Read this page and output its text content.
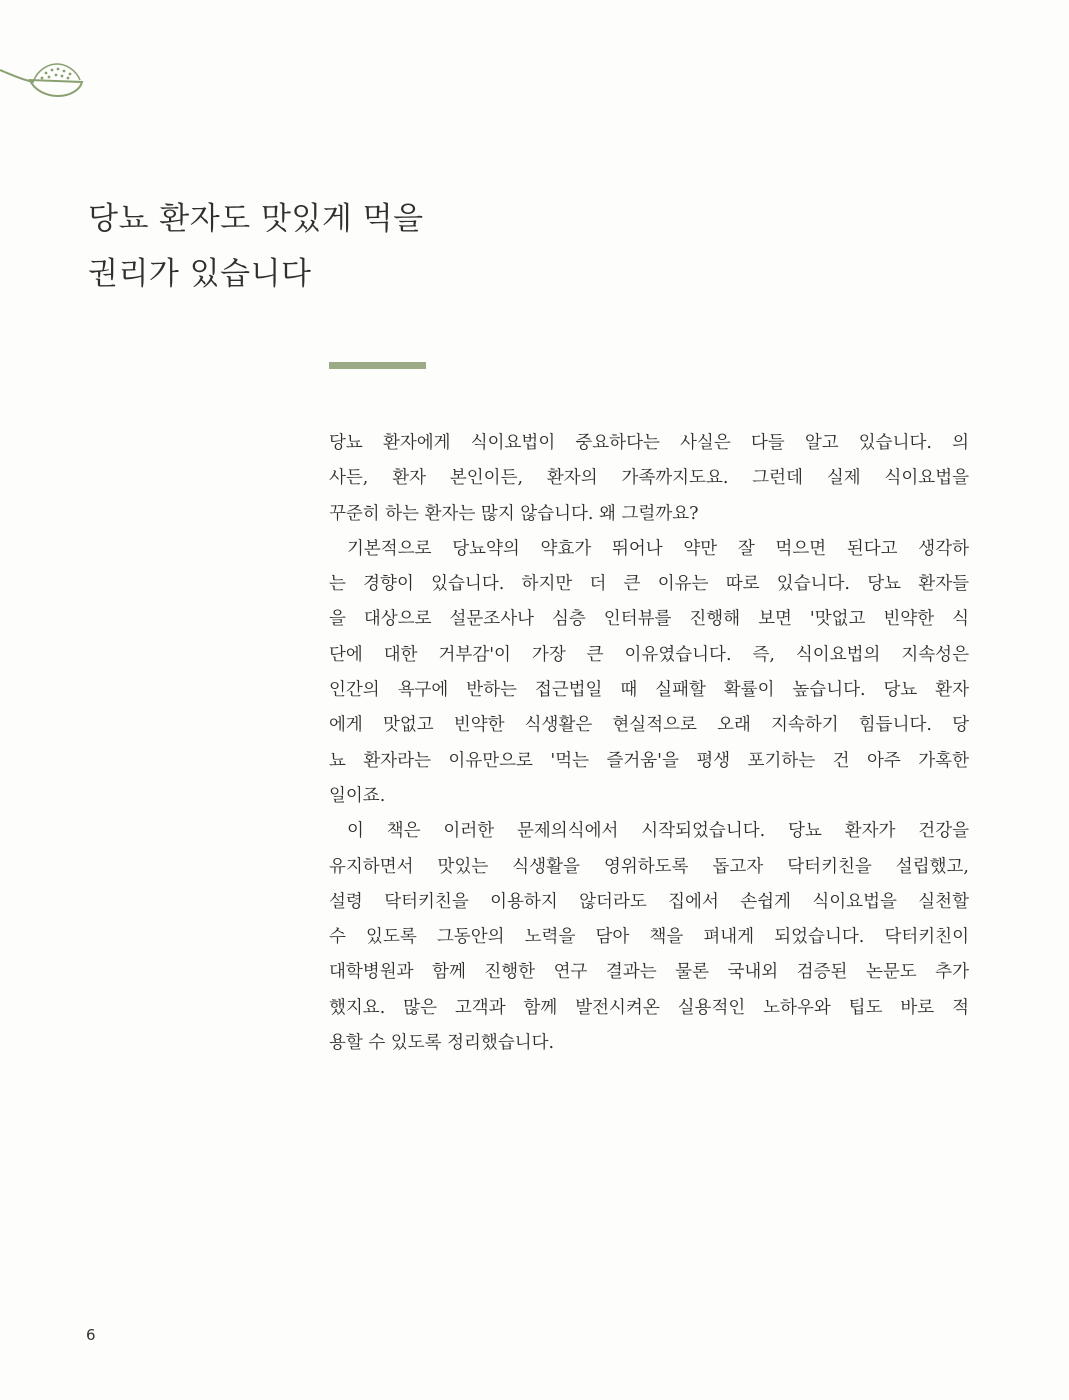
당뇨 환자도 맛있게 먹을
권리가 있습니다
당뇨 환자에게 식이요법이 중요하다는 사실은 다들 알고 있습니다. 의
사든, 환자 본인이든, 환자의 가족까지도요. 그런데 실제 식이요법을
꾸준히 하는 환자는 많지 않습니다. 왜 그럴까요?
기본적으로 당뇨약의 약효가 뛰어나 약만 잘 먹으면 된다고 생각하
는 경향이 있습니다. 하지만 더 큰 이유는 따로 있습니다. 당뇨 환자들
을 대상으로 설문조사나 심층 인터뷰를 진행해 보면 '맛없고 빈약한 식
단에 대한 거부감'이 가장 큰 이유였습니다. 즉, 식이요법의 지속성은
인간의 욕구에 반하는 접근법일 때 실패할 확률이 높습니다. 당뇨 환자
에게 맛없고 빈약한 식생활은 현실적으로 오래 지속하기 힘듭니다. 당
뇨 환자라는 이유만으로 '먹는 즐거움'을 평생 포기하는 건 아주 가혹한
일이죠.
이 책은 이러한 문제의식에서 시작되었습니다. 당뇨 환자가 건강을
유지하면서 맛있는 식생활을 영위하도록 돕고자 닥터키친을 설립했고,
설령 닥터키친을 이용하지 않더라도 집에서 손쉽게 식이요법을 실천할
수 있도록 그동안의 노력을 담아 책을 펴내게 되었습니다. 닥터키친이
대학병원과 함께 진행한 연구 결과는 물론 국내외 검증된 논문도 추가
했지요. 많은 고객과 함께 발전시켜온 실용적인 노하우와 팁도 바로 적
용할 수 있도록 정리했습니다.
6
